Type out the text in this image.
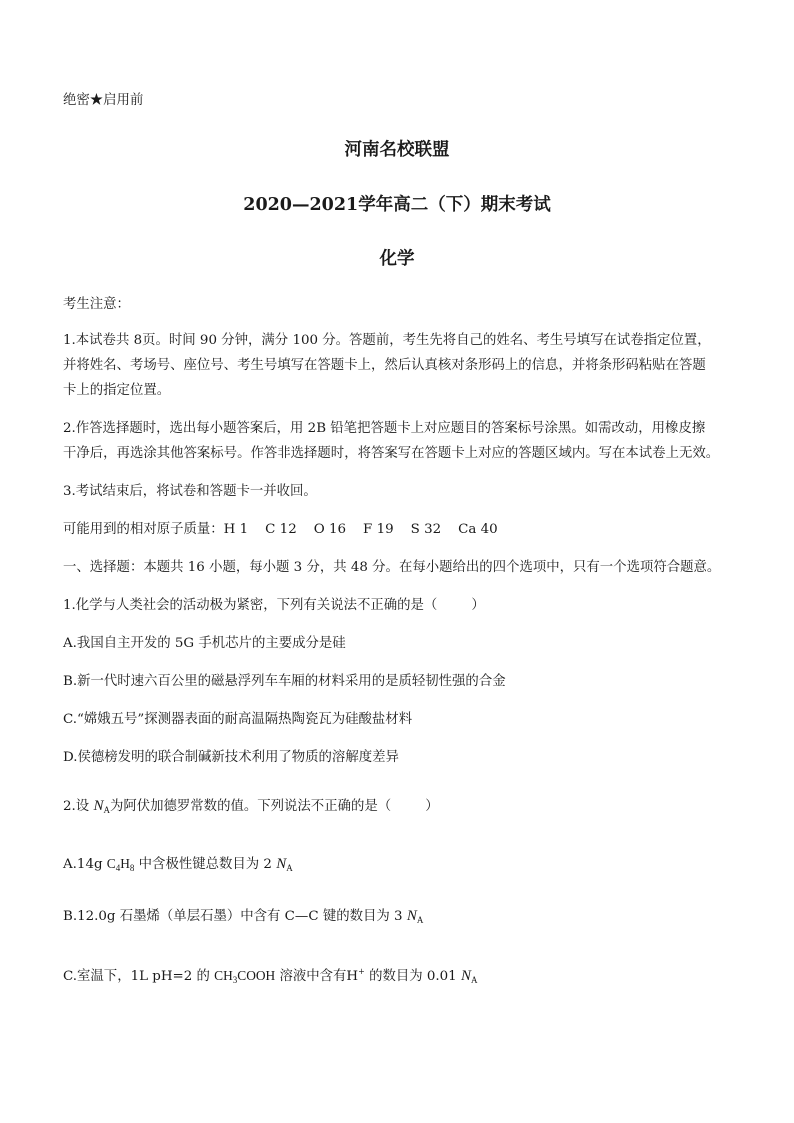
绝密★启用前
河南名校联盟
2020—2021学年高二（下）期末考试
化学
考生注意：
1.本试卷共 8页。时间 90 分钟，满分 100 分。答题前，考生先将自己的姓名、考生号填写在试卷指定位置，
并将姓名、考场号、座位号、考生号填写在答题卡上，然后认真核对条形码上的信息，并将条形码粘贴在答题
卡上的指定位置。
2.作答选择题时，选出每小题答案后，用 2B 铅笔把答题卡上对应题目的答案标号涂黑。如需改动，用橡皮擦
干净后，再选涂其他答案标号。作答非选择题时，将答案写在答题卡上对应的答题区域内。写在本试卷上无效。
3.考试结束后，将试卷和答题卡一并收回。
可能用到的相对原子质量：H 1    C 12    O 16    F 19    S 32    Ca 40
一、选择题：本题共 16 小题，每小题 3 分，共 48 分。在每小题给出的四个选项中，只有一个选项符合题意。
1.化学与人类社会的活动极为紧密，下列有关说法不正确的是（        ）
A.我国自主开发的 5G 手机芯片的主要成分是硅
B.新一代时速六百公里的磁悬浮列车车厢的材料采用的是质轻韧性强的合金
C.“嫦娥五号”探测器表面的耐高温隔热陶瓷瓦为硅酸盐材料
D.侯德榜发明的联合制碱新技术利用了物质的溶解度差异
2.设 $N_A$为阿伏加德罗常数的值。下列说法不正确的是（        ）
A.14g $C_4H_8$ 中含极性键总数目为 2 $N_A$
B.12.0g 石墨烯（单层石墨）中含有 C—C 键的数目为 3 $N_A$
C.室温下，1L pH=2 的 $CH_3COOH$ 溶液中含有H+ 的数目为 0.01 $N_A$
